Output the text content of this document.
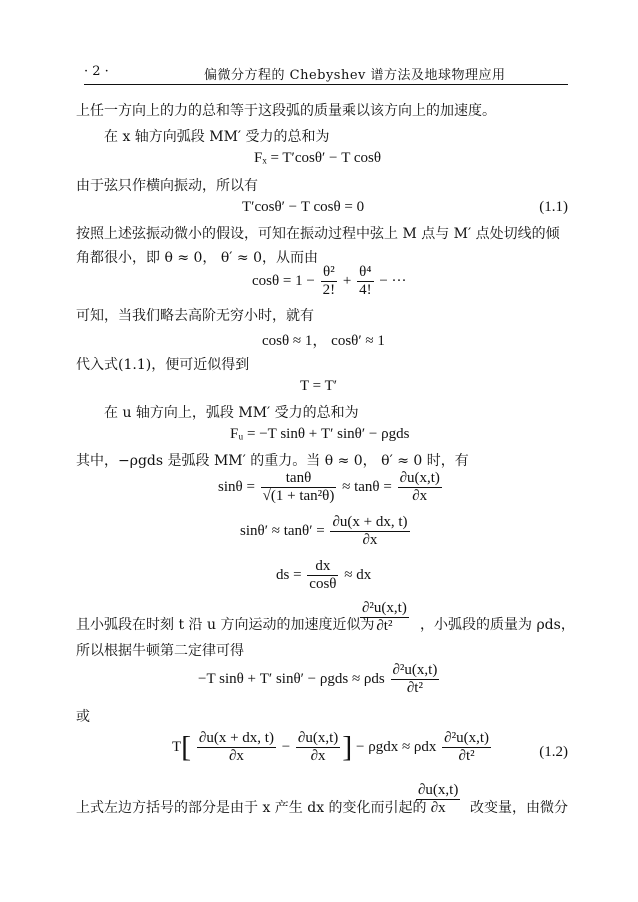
· 2 ·	偏微分方程的 Chebyshev 谱方法及地球物理应用
上任一方向上的力的总和等于这段弧的质量乘以该方向上的加速度。
在 x 轴方向弧段 MM′ 受力的总和为
Fₓ = T′cosθ′ − T cosθ
由于弦只作横向振动，所以有
T′cosθ′ − T cosθ = 0	(1.1)
按照上述弦振动微小的假设，可知在振动过程中弦上 M 点与 M′ 点处切线的倾
角都很小，即 θ ≈ 0， θ′ ≈ 0，从而由
$\cos\theta = 1 - \frac{\text{θ²}}{2!} + \frac{\text{θ⁴}}{4!}$ − ···
可知，当我们略去高阶无穷小时，就有
cosθ ≈ 1， cosθ′ ≈ 1
代入式(1.1)，便可近似得到
T = T′
在 u 轴方向上，弧段 MM′ 受力的总和为
Fᵤ = −T sinθ + T′ sinθ′ − ρgds
其中，−ρgds 是弧段 MM′ 的重力。当 θ ≈ 0， θ′ ≈ 0 时，有
$\sin\theta = \frac{\tan\theta}{\text{√(1 + tan²θ)}} \approx \tan\theta = \frac{\partial u(x,t)}{\partial x}$
$\sin\theta' \approx \tan\theta' = \frac{\partial u(x + dx, t)}{\partial x}$
ds = $\frac{dx}{\cos\theta}$ ≈ dx
且小弧段在时刻 t 沿 u 方向运动的加速度近似为
$\frac{\text{∂²u(x,t)}}{\text{∂t²}}$ ，小弧段的质量为 ρds，
所以根据牛顿第二定律可得
−T sinθ + T′ sinθ′ − ρgds ≈ ρds $\frac{\text{∂²u(x,t)}}{\text{∂t²}}$
或
$T[ \frac{\partial u(x + dx, t)}{\partial x} - \frac{\partial u(x,t)}{\partial x}$ ] − ρgdx ≈ ρdx $\frac{\text{∂²u(x,t)}}{\text{∂t²}}$	(1.2)
上式左边方括号的部分是由于 x 产生 dx 的变化而引起的
$\frac{\partial u(x,t)}{\partial x}$ 改变量，由微分
